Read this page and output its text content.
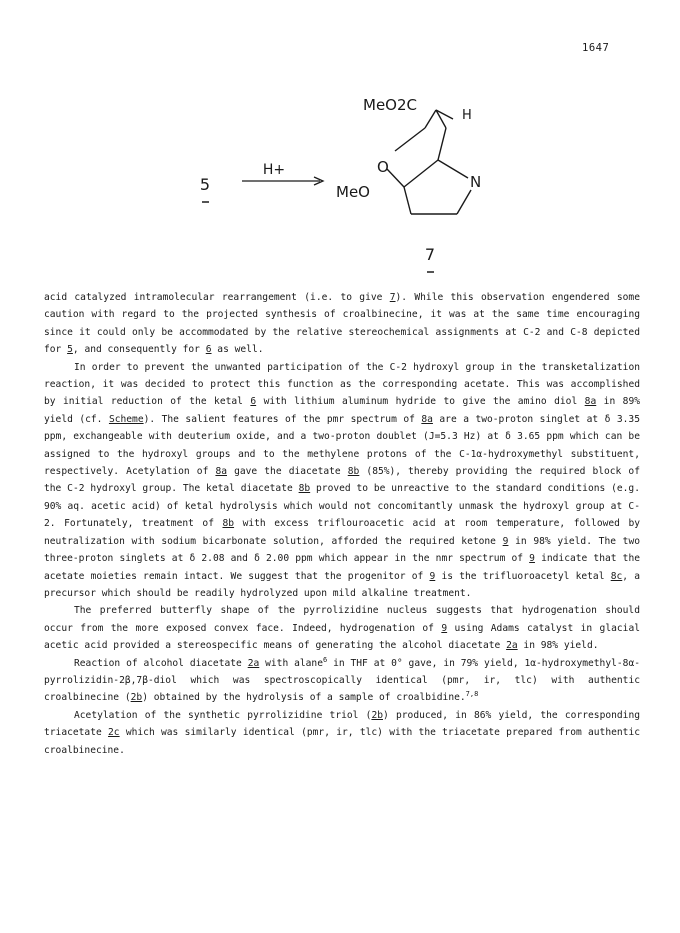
1647
5
H+
MeO2C
H
O
MeO
N
7

acid catalyzed intramolecular rearrangement (i.e. to give 7). While this observation engendered some caution with regard to the projected synthesis of croalbinecine, it was at the same time encouraging since it could only be accommodated by the relative stereochemical assignments at C-2 and C-8 depicted for 5, and consequently for 6 as well.

In order to prevent the unwanted participation of the C-2 hydroxyl group in the transketalization reaction, it was decided to protect this function as the corresponding acetate. This was accomplished by initial reduction of the ketal 6 with lithium aluminum hydride to give the amino diol 8a in 89% yield (cf. Scheme). The salient features of the pmr spectrum of 8a are a two-proton singlet at δ 3.35 ppm, exchangeable with deuterium oxide, and a two-proton doublet (J=5.3 Hz) at δ 3.65 ppm which can be assigned to the hydroxyl groups and to the methylene protons of the C-1α-hydroxymethyl substituent, respectively. Acetylation of 8a gave the diacetate 8b (85%), thereby providing the required block of the C-2 hydroxyl group. The ketal diacetate 8b proved to be unreactive to the standard conditions (e.g. 90% aq. acetic acid) of ketal hydrolysis which would not concomitantly unmask the hydroxyl group at C-2. Fortunately, treatment of 8b with excess triflouroacetic acid at room temperature, followed by neutralization with sodium bicarbonate solution, afforded the required ketone 9 in 98% yield. The two three-proton singlets at δ 2.08 and δ 2.00 ppm which appear in the nmr spectrum of 9 indicate that the acetate moieties remain intact. We suggest that the progenitor of 9 is the trifluoroacetyl ketal 8c, a precursor which should be readily hydrolyzed upon mild alkaline treatment.

The preferred butterfly shape of the pyrrolizidine nucleus suggests that hydrogenation should occur from the more exposed convex face. Indeed, hydrogenation of 9 using Adams catalyst in glacial acetic acid provided a stereospecific means of generating the alcohol diacetate 2a in 98% yield.

Reaction of alcohol diacetate 2a with alane$^6$ in THF at 0° gave, in 79% yield, 1α-hydroxymethyl-8α-pyrrolizidin-2β,7β-diol which was spectroscopically identical (pmr, ir, tlc) with authentic croalbinecine (2b) obtained by the hydrolysis of a sample of croalbidine.$^{7,8}$

Acetylation of the synthetic pyrrolizidine triol (2b) produced, in 86% yield, the corresponding triacetate 2c which was similarly identical (pmr, ir, tlc) with the triacetate prepared from authentic croalbinecine.
